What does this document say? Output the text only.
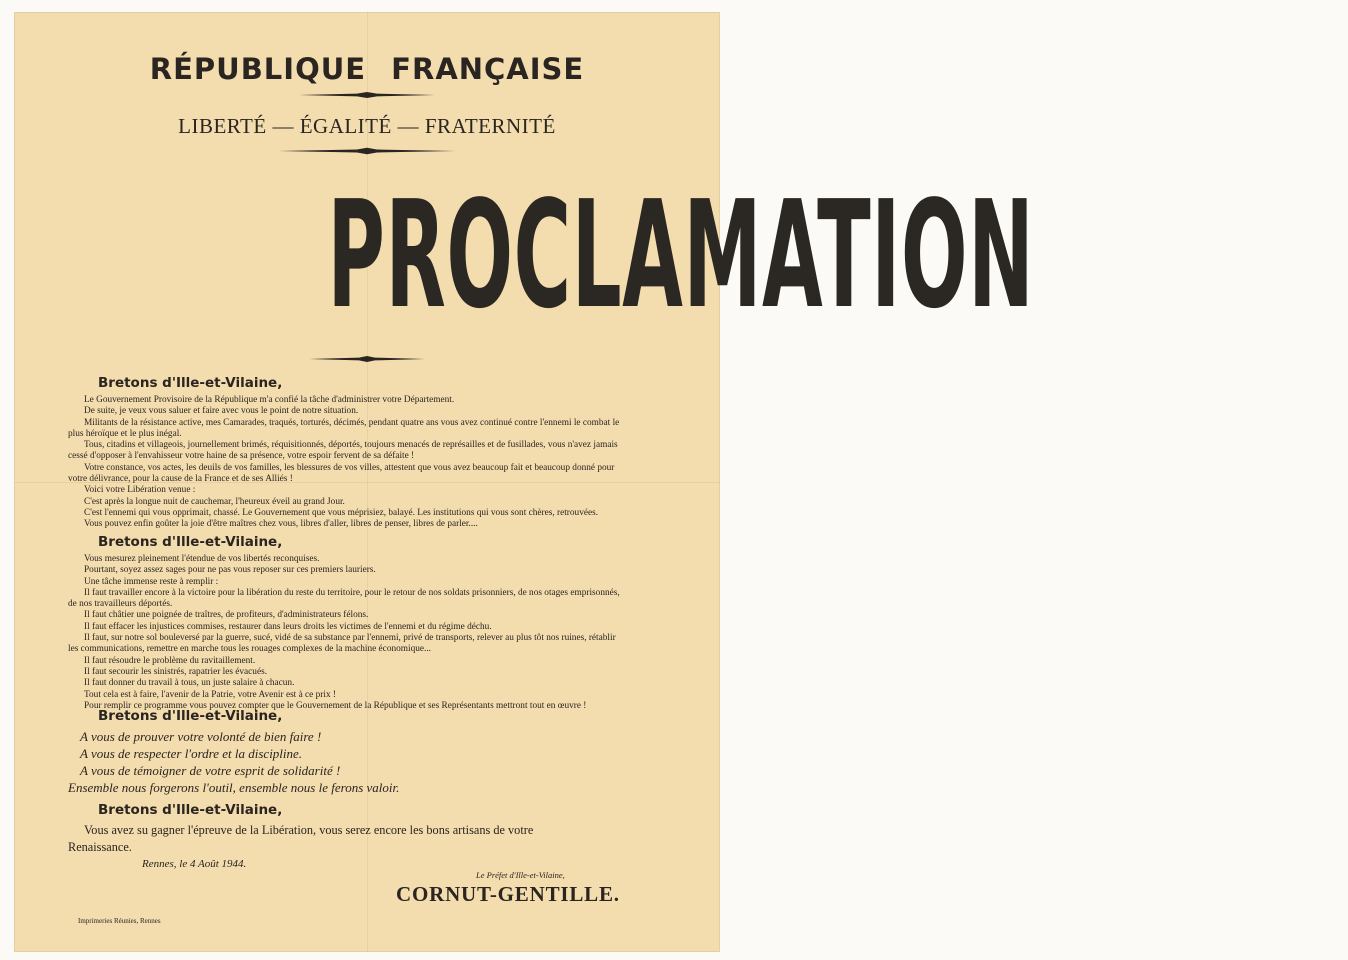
RÉPUBLIQUE FRANÇAISE
LIBERTÉ — ÉGALITÉ — FRATERNITÉ
PROCLAMATION
Bretons d'Ille-et-Vilaine,
Le Gouvernement Provisoire de la République m'a confié la tâche d'administrer votre Département.
De suite, je veux vous saluer et faire avec vous le point de notre situation.
Militants de la résistance active, mes Camarades, traqués, torturés, décimés, pendant quatre ans vous avez continué contre l'ennemi le combat le
plus héroïque et le plus inégal.
Tous, citadins et villageois, journellement brimés, réquisitionnés, déportés, toujours menacés de représailles et de fusillades, vous n'avez jamais
cessé d'opposer à l'envahisseur votre haine de sa présence, votre espoir fervent de sa défaite !
Votre constance, vos actes, les deuils de vos familles, les blessures de vos villes, attestent que vous avez beaucoup fait et beaucoup donné pour
votre délivrance, pour la cause de la France et de ses Alliés !
Voici votre Libération venue :
C'est après la longue nuit de cauchemar, l'heureux éveil au grand Jour.
C'est l'ennemi qui vous opprimait, chassé. Le Gouvernement que vous méprisiez, balayé. Les institutions qui vous sont chères, retrouvées.
Vous pouvez enfin goûter la joie d'être maîtres chez vous, libres d'aller, libres de penser, libres de parler....
Bretons d'Ille-et-Vilaine,
Vous mesurez pleinement l'étendue de vos libertés reconquises.
Pourtant, soyez assez sages pour ne pas vous reposer sur ces premiers lauriers.
Une tâche immense reste à remplir :
Il faut travailler encore à la victoire pour la libération du reste du territoire, pour le retour de nos soldats prisonniers, de nos otages emprisonnés,
de nos travailleurs déportés.
Il faut châtier une poignée de traîtres, de profiteurs, d'administrateurs félons.
Il faut effacer les injustices commises, restaurer dans leurs droits les victimes de l'ennemi et du régime déchu.
Il faut, sur notre sol bouleversé par la guerre, sucé, vidé de sa substance par l'ennemi, privé de transports, relever au plus tôt nos ruines, rétablir
les communications, remettre en marche tous les rouages complexes de la machine économique...
Il faut résoudre le problème du ravitaillement.
Il faut secourir les sinistrés, rapatrier les évacués.
Il faut donner du travail à tous, un juste salaire à chacun.
Tout cela est à faire, l'avenir de la Patrie, votre Avenir est à ce prix !
Pour remplir ce programme vous pouvez compter que le Gouvernement de la République et ses Représentants mettront tout en œuvre !
Bretons d'Ille-et-Vilaine,
A vous de prouver votre volonté de bien faire !
A vous de respecter l'ordre et la discipline.
A vous de témoigner de votre esprit de solidarité !
Ensemble nous forgerons l'outil, ensemble nous le ferons valoir.
Bretons d'Ille-et-Vilaine,
Vous avez su gagner l'épreuve de la Libération, vous serez encore les bons artisans de votre
Renaissance.
Rennes, le 4 Août 1944.
Le Préfet d'Ille-et-Vilaine,
CORNUT-GENTILLE.
Imprimeries Réunies, Rennes
